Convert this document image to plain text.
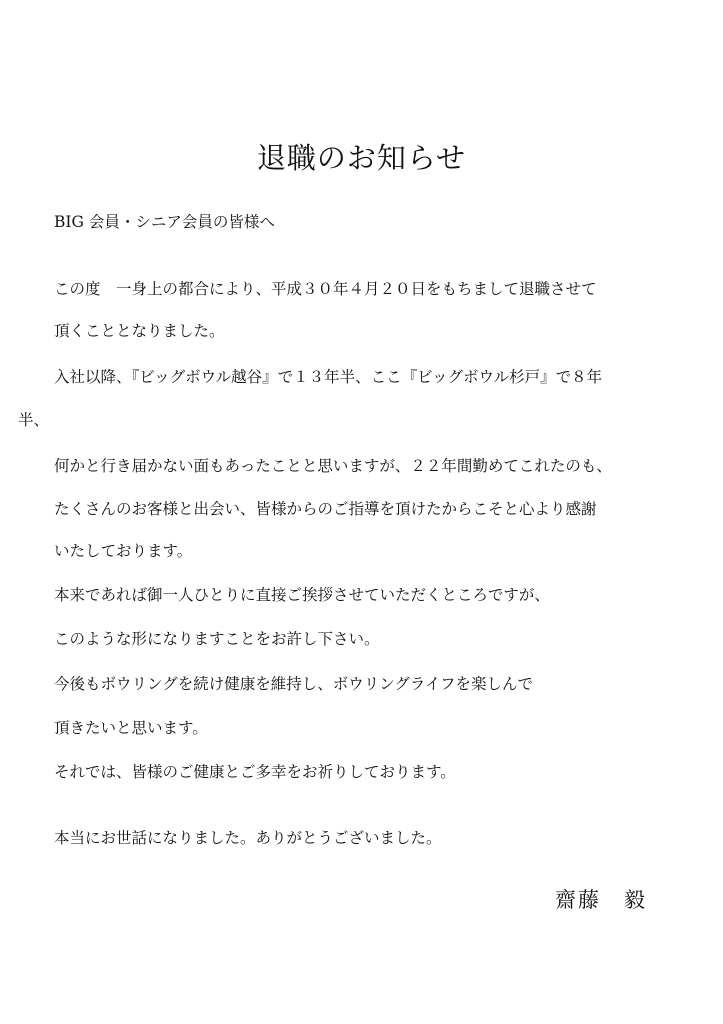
退職のお知らせ
BIG 会員・シニア会員の皆様へ
この度　一身上の都合により、平成３０年４月２０日をもちまして退職させて
頂くこととなりました。
入社以降、『ビッグボウル越谷』で１３年半、ここ『ビッグボウル杉戸』で８年
半、
何かと行き届かない面もあったことと思いますが、２２年間勤めてこれたのも、
たくさんのお客様と出会い、皆様からのご指導を頂けたからこそと心より感謝
いたしております。
本来であれば御一人ひとりに直接ご挨拶させていただくところですが、
このような形になりますことをお許し下さい。
今後もボウリングを続け健康を維持し、ボウリングライフを楽しんで
頂きたいと思います。
それでは、皆様のご健康とご多幸をお祈りしております。
本当にお世話になりました。ありがとうございました。
齋藤　毅
